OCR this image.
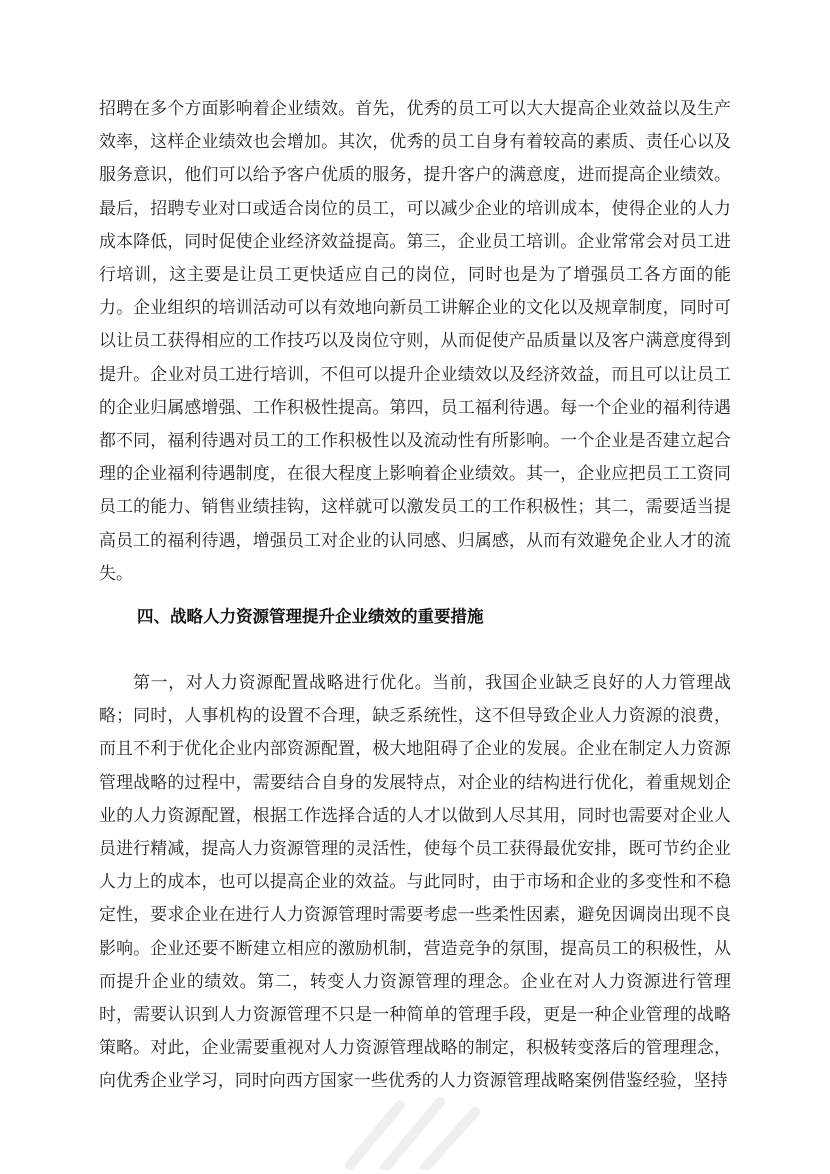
招聘在多个方面影响着企业绩效。首先，优秀的员工可以大大提高企业效益以及生产效率，这样企业绩效也会增加。其次，优秀的员工自身有着较高的素质、责任心以及服务意识，他们可以给予客户优质的服务，提升客户的满意度，进而提高企业绩效。最后，招聘专业对口或适合岗位的员工，可以减少企业的培训成本，使得企业的人力成本降低，同时促使企业经济效益提高。第三，企业员工培训。企业常常会对员工进行培训，这主要是让员工更快适应自己的岗位，同时也是为了增强员工各方面的能力。企业组织的培训活动可以有效地向新员工讲解企业的文化以及规章制度，同时可以让员工获得相应的工作技巧以及岗位守则，从而促使产品质量以及客户满意度得到提升。企业对员工进行培训，不但可以提升企业绩效以及经济效益，而且可以让员工的企业归属感增强、工作积极性提高。第四，员工福利待遇。每一个企业的福利待遇都不同，福利待遇对员工的工作积极性以及流动性有所影响。一个企业是否建立起合理的企业福利待遇制度，在很大程度上影响着企业绩效。其一，企业应把员工工资同员工的能力、销售业绩挂钩，这样就可以激发员工的工作积极性；其二，需要适当提高员工的福利待遇，增强员工对企业的认同感、归属感，从而有效避免企业人才的流失。

四、战略人力资源管理提升企业绩效的重要措施

第一，对人力资源配置战略进行优化。当前，我国企业缺乏良好的人力管理战略；同时，人事机构的设置不合理，缺乏系统性，这不但导致企业人力资源的浪费，而且不利于优化企业内部资源配置，极大地阻碍了企业的发展。企业在制定人力资源管理战略的过程中，需要结合自身的发展特点，对企业的结构进行优化，着重规划企业的人力资源配置，根据工作选择合适的人才以做到人尽其用，同时也需要对企业人员进行精减，提高人力资源管理的灵活性，使每个员工获得最优安排，既可节约企业人力上的成本，也可以提高企业的效益。与此同时，由于市场和企业的多变性和不稳定性，要求企业在进行人力资源管理时需要考虑一些柔性因素，避免因调岗出现不良影响。企业还要不断建立相应的激励机制，营造竞争的氛围，提高员工的积极性，从而提升企业的绩效。第二，转变人力资源管理的理念。企业在对人力资源进行管理时，需要认识到人力资源管理不只是一种简单的管理手段，更是一种企业管理的战略策略。对此，企业需要重视对人力资源管理战略的制定，积极转变落后的管理理念，向优秀企业学习，同时向西方国家一些优秀的人力资源管理战略案例借鉴经验，坚持
